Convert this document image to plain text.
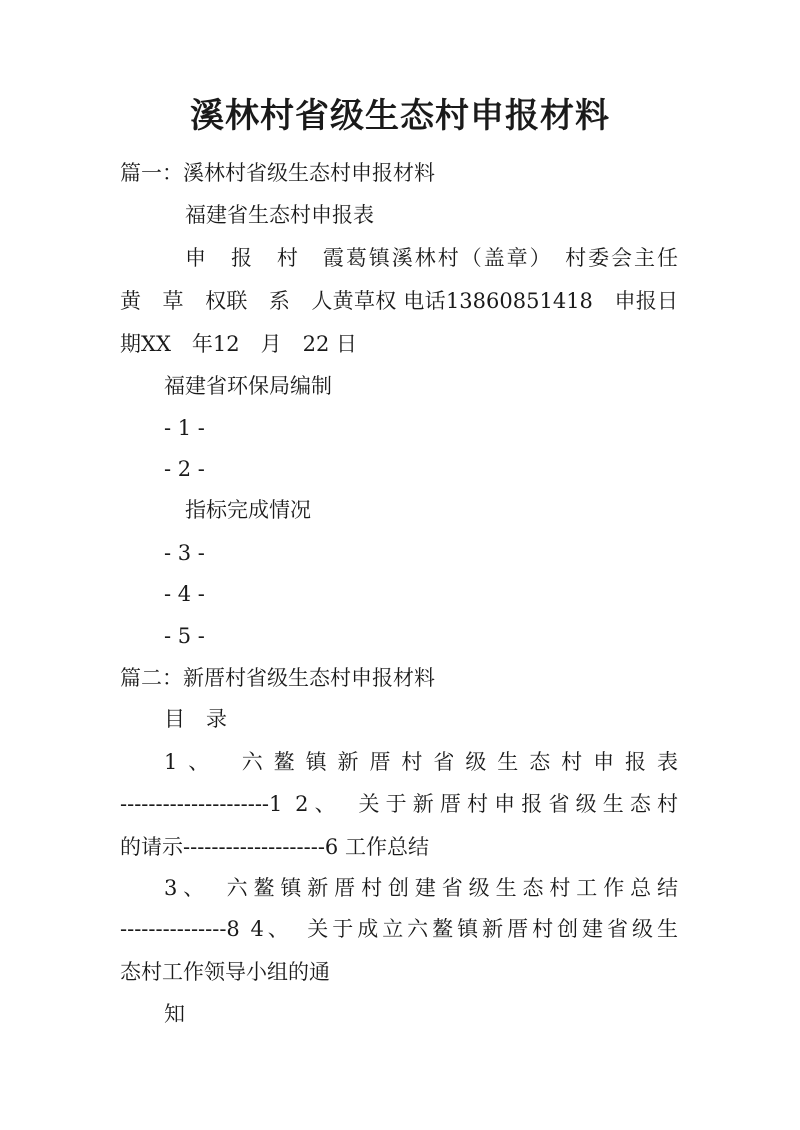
溪林村省级生态村申报材料
篇一：溪林村省级生态村申报材料
福建省生态村申报表
申　报　村　霞葛镇溪林村（盖章）　村委会主任
黄　草　权联　系　人黄草权 电话13860851418　申报日
期XX　年12　月　22 日
福建省环保局编制
- 1 -
- 2 -
指标完成情况
- 3 -
- 4 -
- 5 -
篇二：新厝村省级生态村申报材料
目　录
1、　六鳌镇新厝村省级生态村申报表
---------------------1 2、　关于新厝村申报省级生态村
的请示--------------------6 工作总结
3、　六鳌镇新厝村创建省级生态村工作总结
---------------8 4、　关于成立六鳌镇新厝村创建省级生
态村工作领导小组的通
知
